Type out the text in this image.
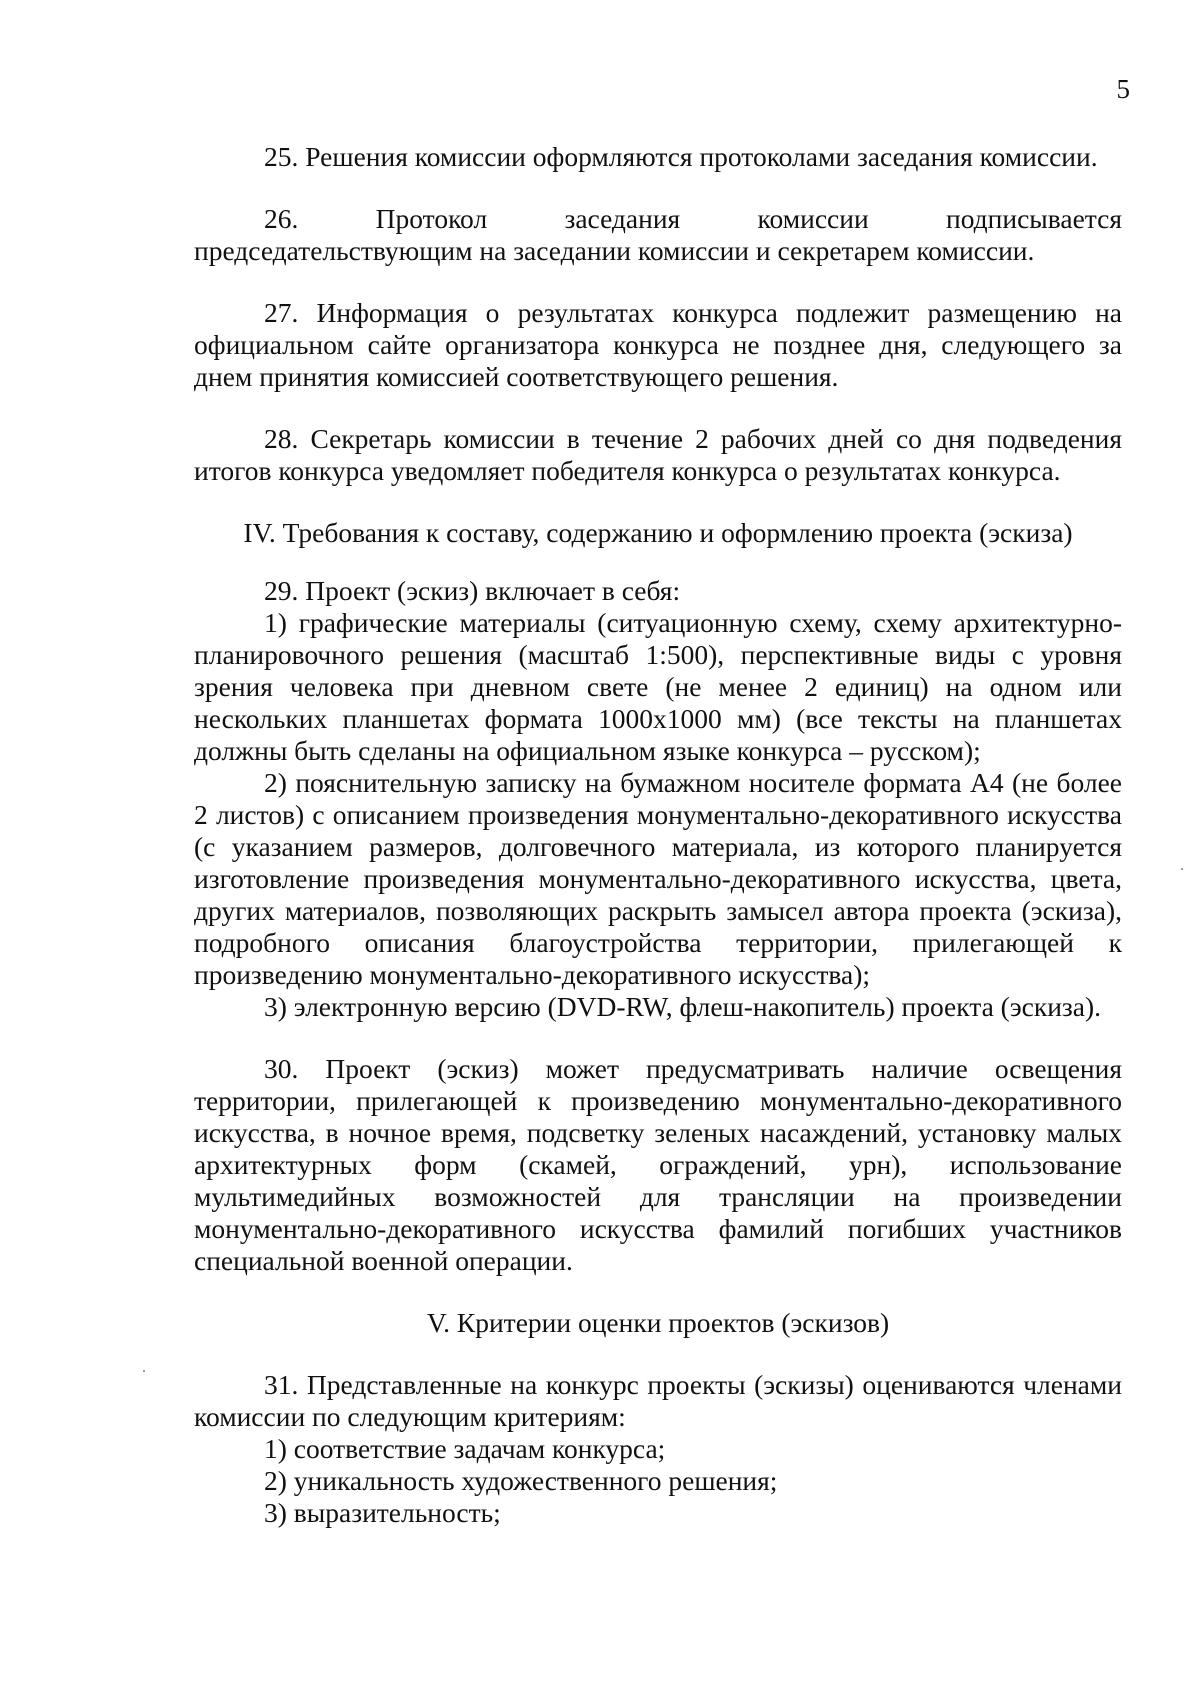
5

25. Решения комиссии оформляются протоколами заседания комиссии.

26. Протокол заседания комиссии подписывается председательствующим на заседании комиссии и секретарем комиссии.

27. Информация о результатах конкурса подлежит размещению на официальном сайте организатора конкурса не позднее дня, следующего за днем принятия комиссией соответствующего решения.

28. Секретарь комиссии в течение 2 рабочих дней со дня подведения итогов конкурса уведомляет победителя конкурса о результатах конкурса.

IV. Требования к составу, содержанию и оформлению проекта (эскиза)

29. Проект (эскиз) включает в себя:

1) графические материалы (ситуационную схему, схему архитектурно-планировочного решения (масштаб 1:500), перспективные виды с уровня зрения человека при дневном свете (не менее 2 единиц) на одном или нескольких планшетах формата 1000x1000 мм) (все тексты на планшетах должны быть сделаны на официальном языке конкурса – русском);

2) пояснительную записку на бумажном носителе формата А4 (не более 2 листов) с описанием произведения монументально-декоративного искусства (с указанием размеров, долговечного материала, из которого планируется изготовление произведения монументально-декоративного искусства, цвета, других материалов, позволяющих раскрыть замысел автора проекта (эскиза), подробного описания благоустройства территории, прилегающей к произведению монументально-декоративного искусства);

3) электронную версию (DVD-RW, флеш-накопитель) проекта (эскиза).

30. Проект (эскиз) может предусматривать наличие освещения территории, прилегающей к произведению монументально-декоративного искусства, в ночное время, подсветку зеленых насаждений, установку малых архитектурных форм (скамей, ограждений, урн), использование мультимедийных возможностей для трансляции на произведении монументально-декоративного искусства фамилий погибших участников специальной военной операции.

V. Критерии оценки проектов (эскизов)

31. Представленные на конкурс проекты (эскизы) оцениваются членами комиссии по следующим критериям:

1) соответствие задачам конкурса;

2) уникальность художественного решения;

3) выразительность;
